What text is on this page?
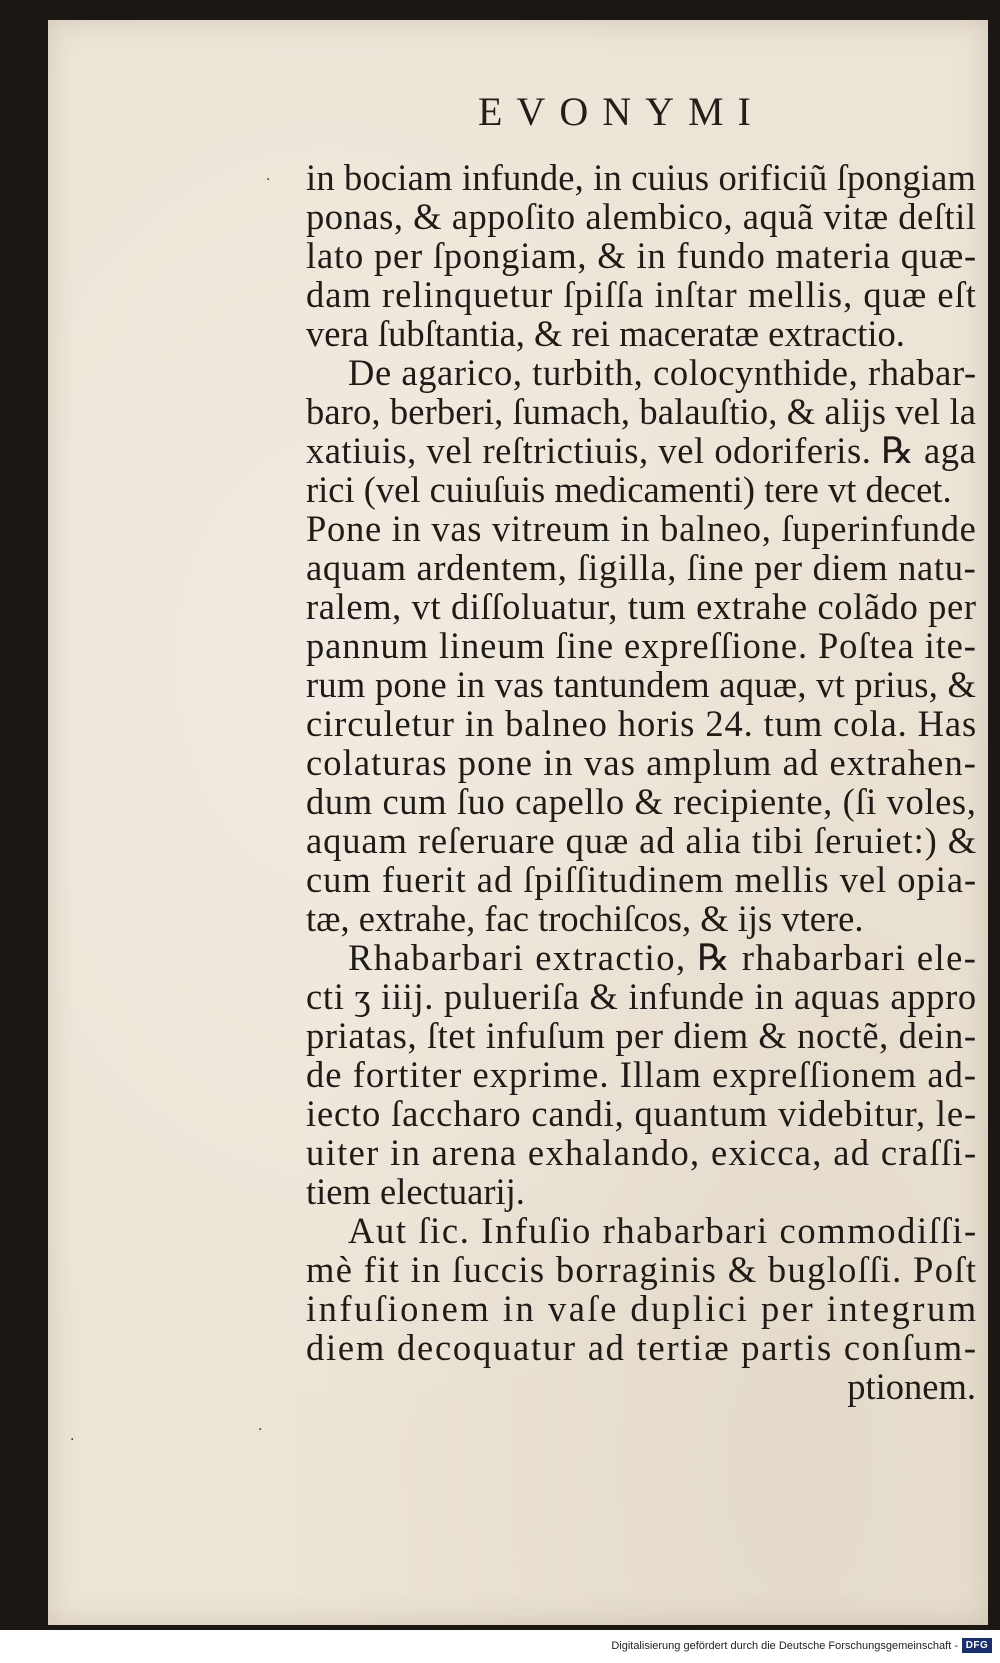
EVONYMI
in bociam infunde, in cuius orificiũ ſpongiam
ponas, & appoſito alembico, aquã vitæ deſtil
lato per ſpongiam, & in fundo materia quæ-
dam relinquetur ſpiſſa inſtar mellis, quæ eſt
vera ſubſtantia, & rei maceratæ extractio.
De agarico, turbith, colocynthide, rhabar-
baro, berberi, ſumach, balauſtio, & alijs vel la
xatiuis, vel reſtrictiuis, vel odoriferis. ℞ aga
rici (vel cuiuſuis medicamenti) tere vt decet.
Pone in vas vitreum in balneo, ſuperinfunde
aquam ardentem, ſigilla, ſine per diem natu-
ralem, vt diſſoluatur, tum extrahe colãdo per
pannum lineum ſine expreſſione. Poſtea ite-
rum pone in vas tantundem aquæ, vt prius, &
circuletur in balneo horis 24. tum cola. Has
colaturas pone in vas amplum ad extrahen-
dum cum ſuo capello & recipiente, (ſi voles,
aquam reſeruare quæ ad alia tibi ſeruiet:) &
cum fuerit ad ſpiſſitudinem mellis vel opia-
tæ, extrahe, fac trochiſcos, & ijs vtere.
Rhabarbari extractio, ℞ rhabarbari ele-
cti ʒ iiij. pulueriſa & infunde in aquas appro
priatas, ſtet infuſum per diem & noctẽ, dein-
de fortiter exprime. Illam expreſſionem ad-
iecto ſaccharo candi, quantum videbitur, le-
uiter in arena exhalando, exicca, ad craſſi-
tiem electuarij.
Aut ſic. Infuſio rhabarbari commodiſſi-
mè fit in ſuccis borraginis & bugloſſi. Poſt
infuſionem in vaſe duplici per integrum
diem decoquatur ad tertiæ partis conſum-
ptionem.
·
·
·
Digitalisierung gefördert durch die Deutsche Forschungsgemeinschaft - DFG
